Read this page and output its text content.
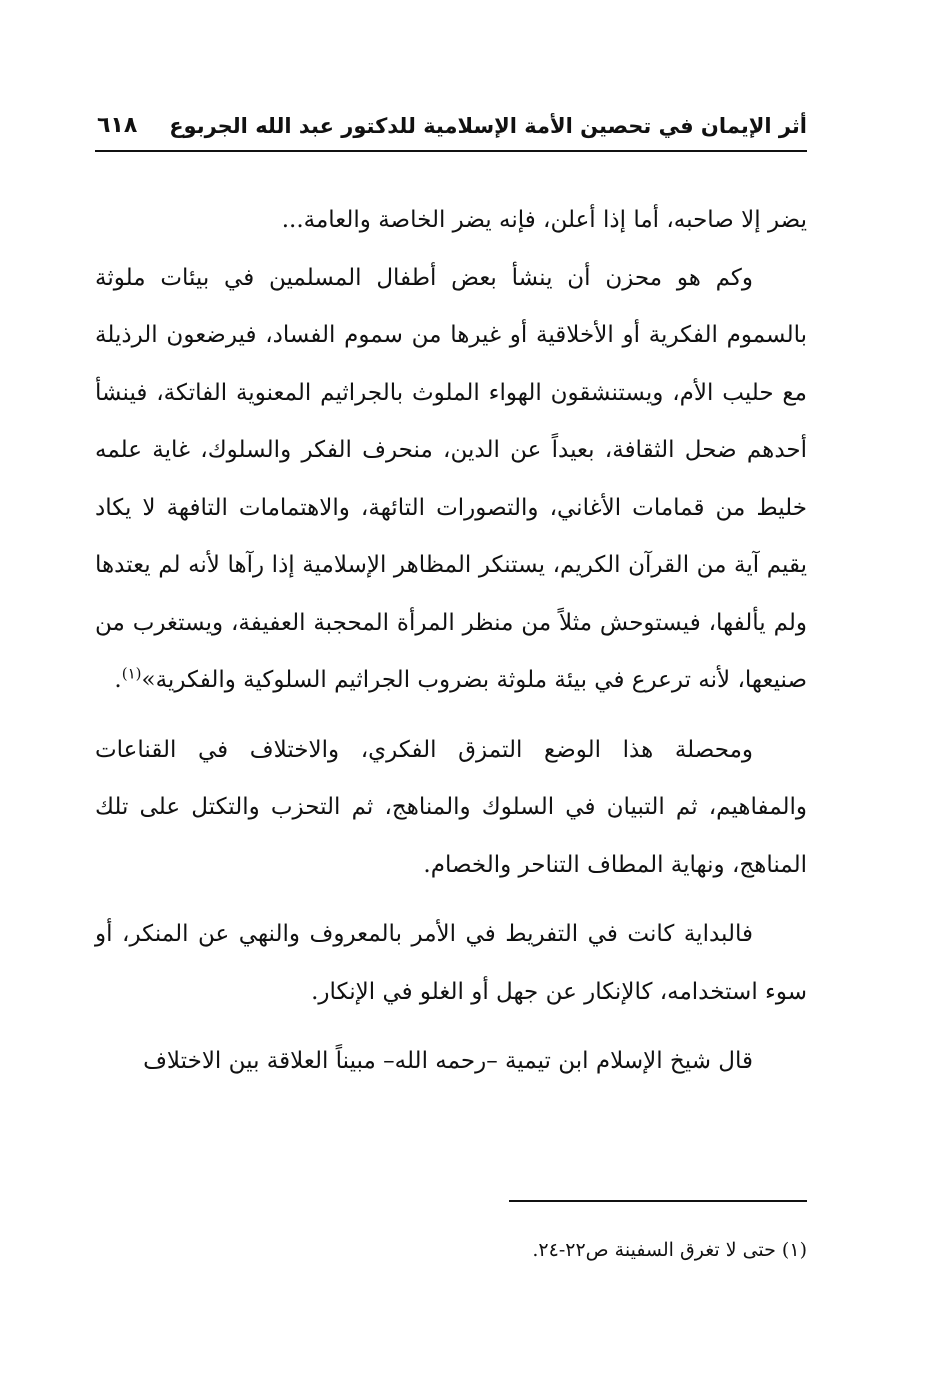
أثر الإيمان في تحصين الأمة الإسلامية للدكتور عبد الله الجربوع
٦١٨

يضر إلا صاحبه، أما إذا أعلن، فإنه يضر الخاصة والعامة...

وكم هو محزن أن ينشأ بعض أطفال المسلمين في بيئات ملوثة بالسموم الفكرية أو الأخلاقية أو غيرها من سموم الفساد، فيرضعون الرذيلة مع حليب الأم، ويستنشقون الهواء الملوث بالجراثيم المعنوية الفاتكة، فينشأ أحدهم ضحل الثقافة، بعيداً عن الدين، منحرف الفكر والسلوك، غاية علمه خليط من قمامات الأغاني، والتصورات التائهة، والاهتمامات التافهة لا يكاد يقيم آية من القرآن الكريم، يستنكر المظاهر الإسلامية إذا رآها لأنه لم يعتدها ولم يألفها، فيستوحش مثلاً من منظر المرأة المحجبة العفيفة، ويستغرب من صنيعها، لأنه ترعرع في بيئة ملوثة بضروب الجراثيم السلوكية والفكرية»$^{(١)}$.

ومحصلة هذا الوضع التمزق الفكري، والاختلاف في القناعات والمفاهيم، ثم التبيان في السلوك والمناهج، ثم التحزب والتكتل على تلك المناهج، ونهاية المطاف التناحر والخصام.

فالبداية كانت في التفريط في الأمر بالمعروف والنهي عن المنكر، أو سوء استخدامه، كالإنكار عن جهل أو الغلو في الإنكار.

قال شيخ الإسلام ابن تيمية –رحمه الله– مبيناً العلاقة بين الاختلاف

(١) حتى لا تغرق السفينة ص٢٢-٢٤.
